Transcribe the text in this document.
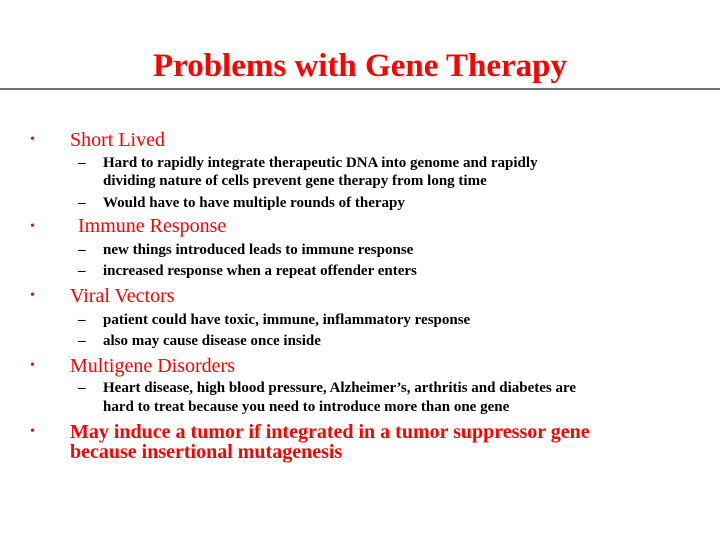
Problems with Gene Therapy
• Short Lived
– Hard to rapidly integrate therapeutic DNA into genome and rapidly
dividing nature of cells prevent gene therapy from long time
– Would have to have multiple rounds of therapy
• Immune Response
– new things introduced leads to immune response
– increased response when a repeat offender enters
• Viral Vectors
– patient could have toxic, immune, inflammatory response
– also may cause disease once inside
• Multigene Disorders
– Heart disease, high blood pressure, Alzheimer’s, arthritis and diabetes are
hard to treat because you need to introduce more than one gene
• May induce a tumor if integrated in a tumor suppressor gene
because insertional mutagenesis
